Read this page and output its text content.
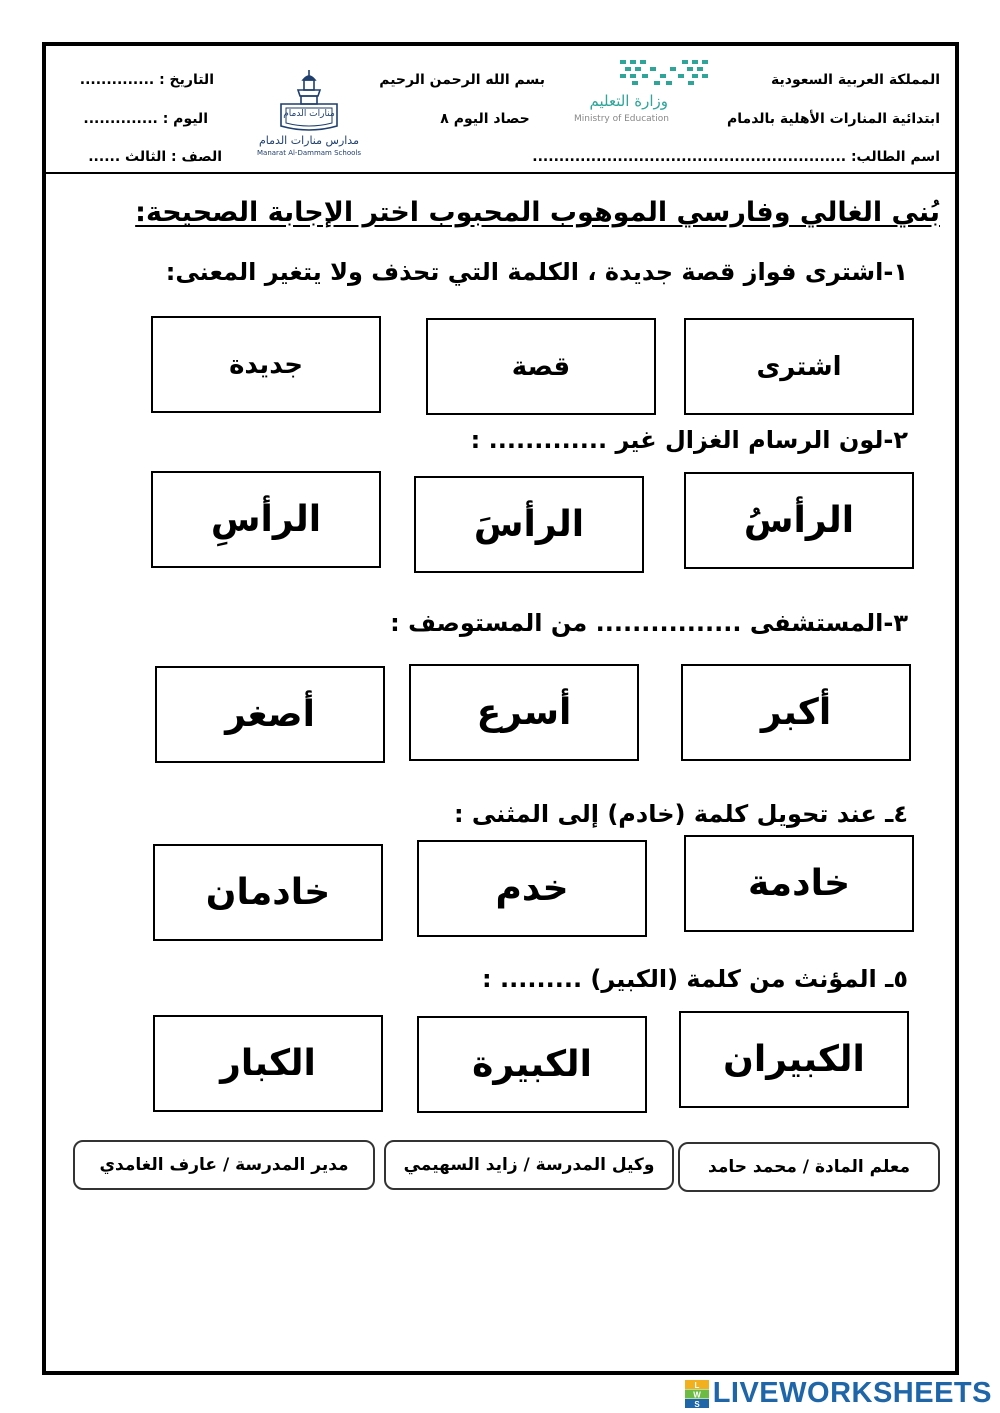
المملكة العربية السعودية
ابتدائية المنارات الأهلية بالدمام
اسم الطالب: ...........................................................
وزارة التعليم
Ministry of Education
بسم الله الرحمن الرحيم
حصاد اليوم ٨
منارات الدمام
مدارس منارات الدمام
Manarat Al-Dammam Schools
التاريخ : ..............
اليوم : ..............
الصف : الثالث ......
بُني الغالي وفارسي الموهوب المحبوب اختر الإجابة الصحيحة:
١-اشترى فواز قصة جديدة ، الكلمة التي تحذف ولا يتغير المعنى:
اشترى
قصة
جديدة
٢-لون الرسام الغزال غير ............. :
الرأسُ
الرأسَ
الرأسِ
٣-المستشفى ................ من المستوصف :
أكبر
أسرع
أصغر
٤ـ عند تحويل كلمة (خادم) إلى المثنى :
خادمة
خدم
خادمان
٥ـ المؤنث من كلمة (الكبير) ......... :
الكبيران
الكبيرة
الكبار
معلم المادة / محمد حامد
وكيل المدرسة / زايد السهيمي
مدير المدرسة / عارف الغامدي
L
W
S LIVEWORKSHEETS
